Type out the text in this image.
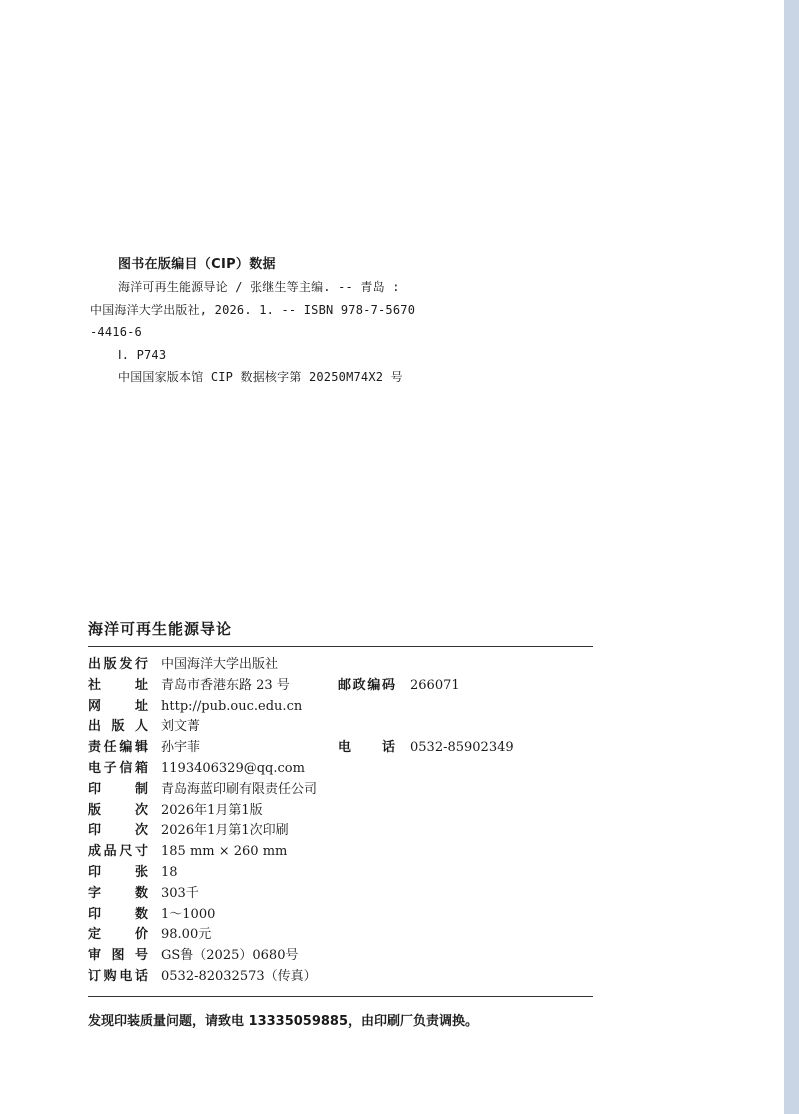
图书在版编目（CIP）数据
海洋可再生能源导论 / 张继生等主编. -- 青岛 :
中国海洋大学出版社, 2026. 1. -- ISBN 978-7-5670
-4416-6
Ⅰ. P743
中国国家版本馆 CIP 数据核字第 20250M74X2 号
海洋可再生能源导论
出 版 发 行 中国海洋大学出版社
社	址 青岛市香港东路 23 号	邮 政 编 码 266071
网	址 http://pub.ouc.edu.cn
出 版 人 刘文菁
责 任 编 辑 孙宇菲	电 话 0532-85902349
电 子 信 箱 1193406329@qq.com
印	制 青岛海蓝印刷有限责任公司
版	次 2026年1月第1版
印	次 2026年1月第1次印刷
成 品 尺 寸 185 mm × 260 mm
印	张 18
字	数 303千
印	数 1～1000
定	价 98.00元
审 图 号 GS鲁（2025）0680号
订 购 电 话 0532-82032573（传真）
发现印装质量问题，请致电 13335059885，由印刷厂负责调换。
